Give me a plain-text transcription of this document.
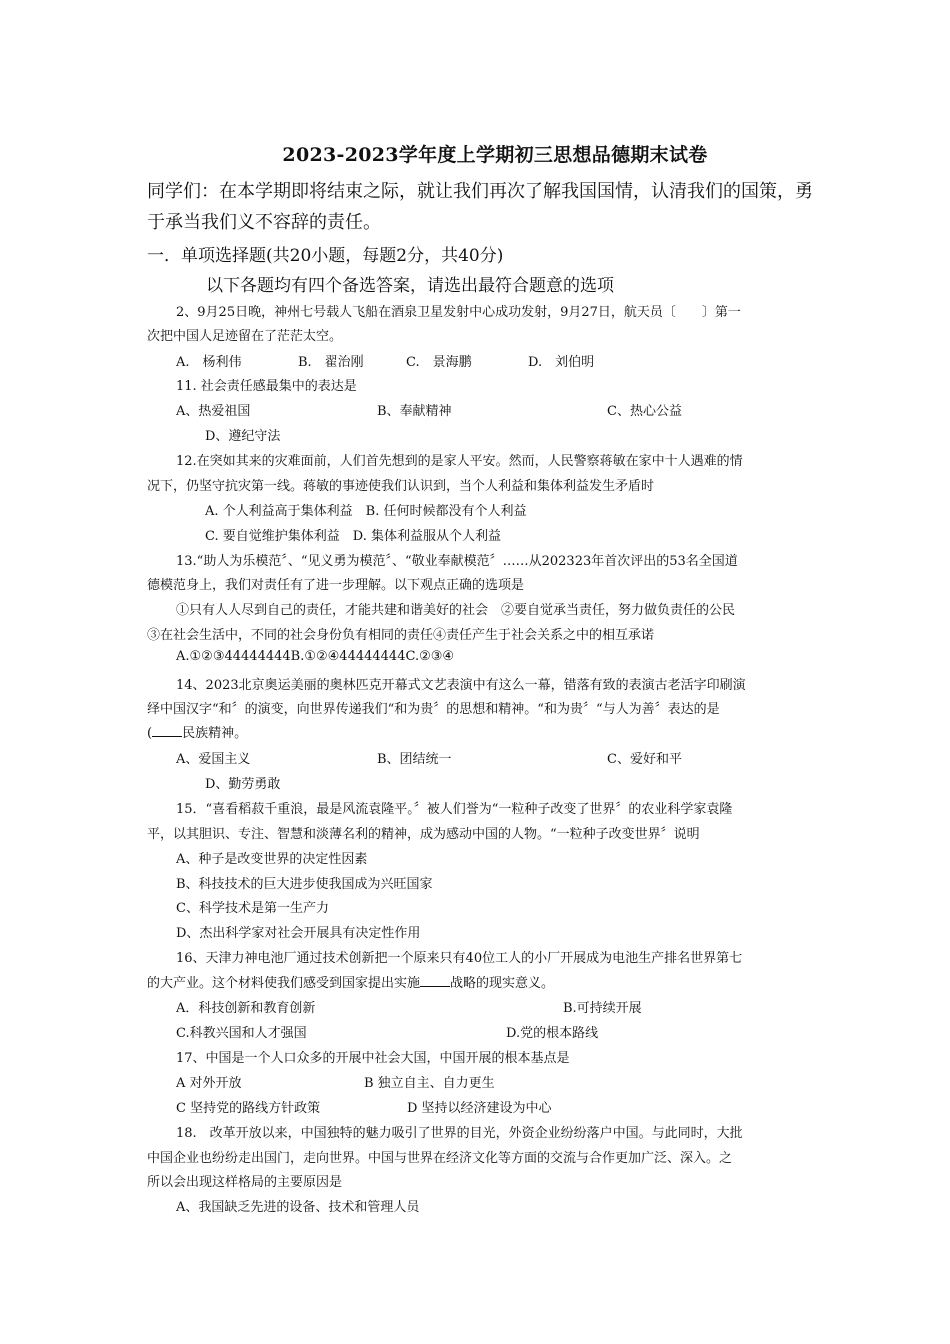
2023-2023学年度上学期初三思想品德期末试卷
同学们：在本学期即将结束之际，就让我们再次了解我国国情，认清我们的国策，勇于承当我们义不容辞的责任。
一．单项选择题(共20小题，每题2分，共40分)
以下各题均有四个备选答案，请选出最符合题意的选项
2、9月25日晚，神州七号载人飞船在酒泉卫星发射中心成功发射，9月27日，航天员〔　　〕第一
次把中国人足迹留在了茫茫太空。
A.　杨利伟	B.　翟治刚	C.　景海鹏	D.　刘伯明
11. 社会责任感最集中的表达是
A、热爱祖国	B、奉献精神	C、热心公益
D、遵纪守法
12.在突如其来的灾难面前，人们首先想到的是家人平安。然而，人民警察蒋敏在家中十人遇难的情
况下，仍坚守抗灾第一线。蒋敏的事迹使我们认识到，当个人利益和集体利益发生矛盾时
A. 个人利益高于集体利益　B. 任何时候都没有个人利益
C. 要自觉维护集体利益　D. 集体利益服从个人利益
13.“助人为乐模范〞、“见义勇为模范〞、“敬业奉献模范〞……从202323年首次评出的53名全国道
德模范身上，我们对责任有了进一步理解。以下观点正确的选项是
①只有人人尽到自己的责任，才能共建和谐美好的社会　②要自觉承当责任，努力做负责任的公民
③在社会生活中，不同的社会身份负有相同的责任④责任产生于社会关系之中的相互承诺
A.①②③44444444B.①②④44444444C.②③④
14、2023北京奥运美丽的奥林匹克开幕式文艺表演中有这么一幕，错落有致的表演古老活字印刷演
绎中国汉字“和〞的演变，向世界传递我们“和为贵〞的思想和精神。“和为贵〞“与人为善〞表达的是
( 民族精神。
A、爱国主义	B、团结统一	C、爱好和平
D、勤劳勇敢
15．“喜看稻菽千重浪，最是风流袁隆平。〞被人们誉为“一粒种子改变了世界〞的农业科学家袁隆
平，以其胆识、专注、智慧和淡薄名利的精神，成为感动中国的人物。“一粒种子改变世界〞说明
A、种子是改变世界的决定性因素
B、科技技术的巨大进步使我国成为兴旺国家
C、科学技术是第一生产力
D、杰出科学家对社会开展具有决定性作用
16、天津力神电池厂通过技术创新把一个原来只有40位工人的小厂开展成为电池生产排名世界第七
的大产业。这个材料使我们感受到国家提出实施 战略的现实意义。
A．科技创新和教育创新	B.可持续开展
C.科教兴国和人才强国	D.党的根本路线
17、中国是一个人口众多的开展中社会大国，中国开展的根本基点是
A 对外开放	B 独立自主、自力更生
C 坚持党的路线方针政策	D 坚持以经济建设为中心
18.　改革开放以来，中国独特的魅力吸引了世界的目光，外资企业纷纷落户中国。与此同时，大批
中国企业也纷纷走出国门，走向世界。中国与世界在经济文化等方面的交流与合作更加广泛、深入。之
所以会出现这样格局的主要原因是
A、我国缺乏先进的设备、技术和管理人员
